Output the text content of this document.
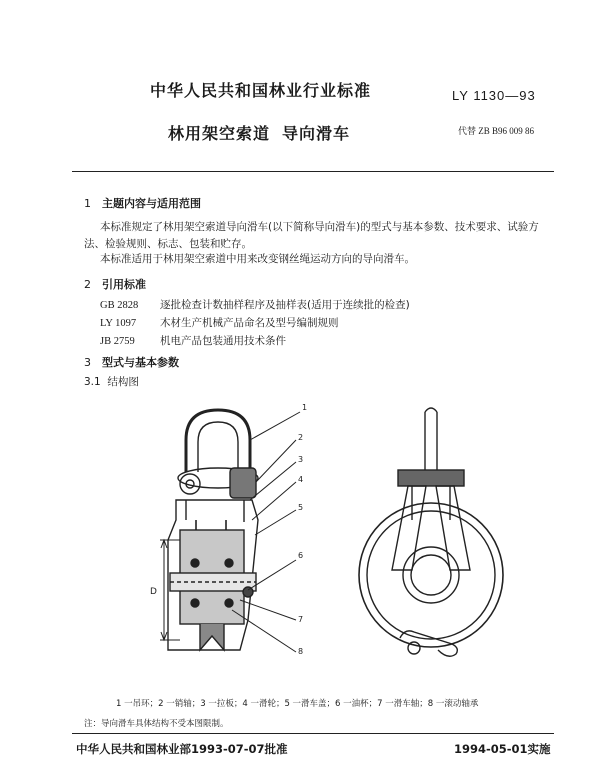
中华人民共和国林业行业标准	LY 1130—93
林用架空索道 导向滑车	代替 ZB B96 009 86
1 主题内容与适用范围
本标准规定了林用架空索道导向滑车(以下简称导向滑车)的型式与基本参数、技术要求、试验方
法、检验规则、标志、包装和贮存。
本标准适用于林用架空索道中用来改变钢丝绳运动方向的导向滑车。
2 引用标准
GB 2828 逐批检查计数抽样程序及抽样表(适用于连续批的检查)
LY 1097 木材生产机械产品命名及型号编制规则
JB 2759 机电产品包装通用技术条件
3 型式与基本参数
3.1 结构图
1
2
3
4
5
6
7
8
D
1 一吊环；2 一销轴；3 一拉板；4 一滑轮；5 一滑车盖；6 一油杯；7 一滑车轴；8 一滚动轴承
注：导向滑车具体结构不受本图限制。
中华人民共和国林业部1993-07-07批准	1994-05-01实施
